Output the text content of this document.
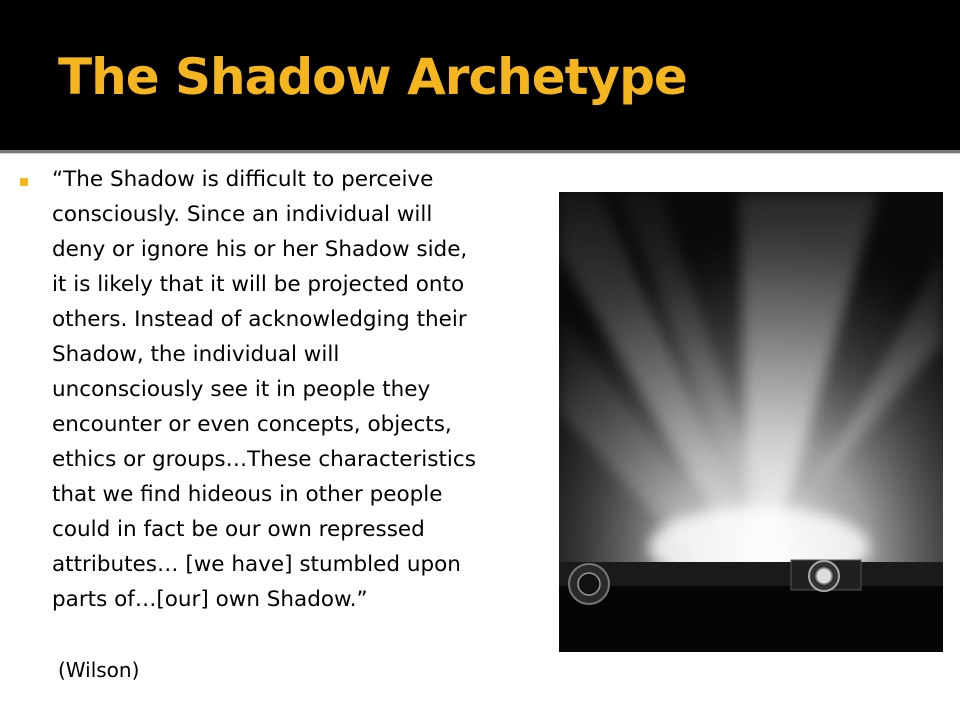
The Shadow Archetype
“The Shadow is difficult to perceive
consciously. Since an individual will
deny or ignore his or her Shadow side,
it is likely that it will be projected onto
others. Instead of acknowledging their
Shadow, the individual will
unconsciously see it in people they
encounter or even concepts, objects,
ethics or groups…These characteristics
that we find hideous in other people
could in fact be our own repressed
attributes… [we have] stumbled upon
parts of…[our] own Shadow.”
(Wilson)
